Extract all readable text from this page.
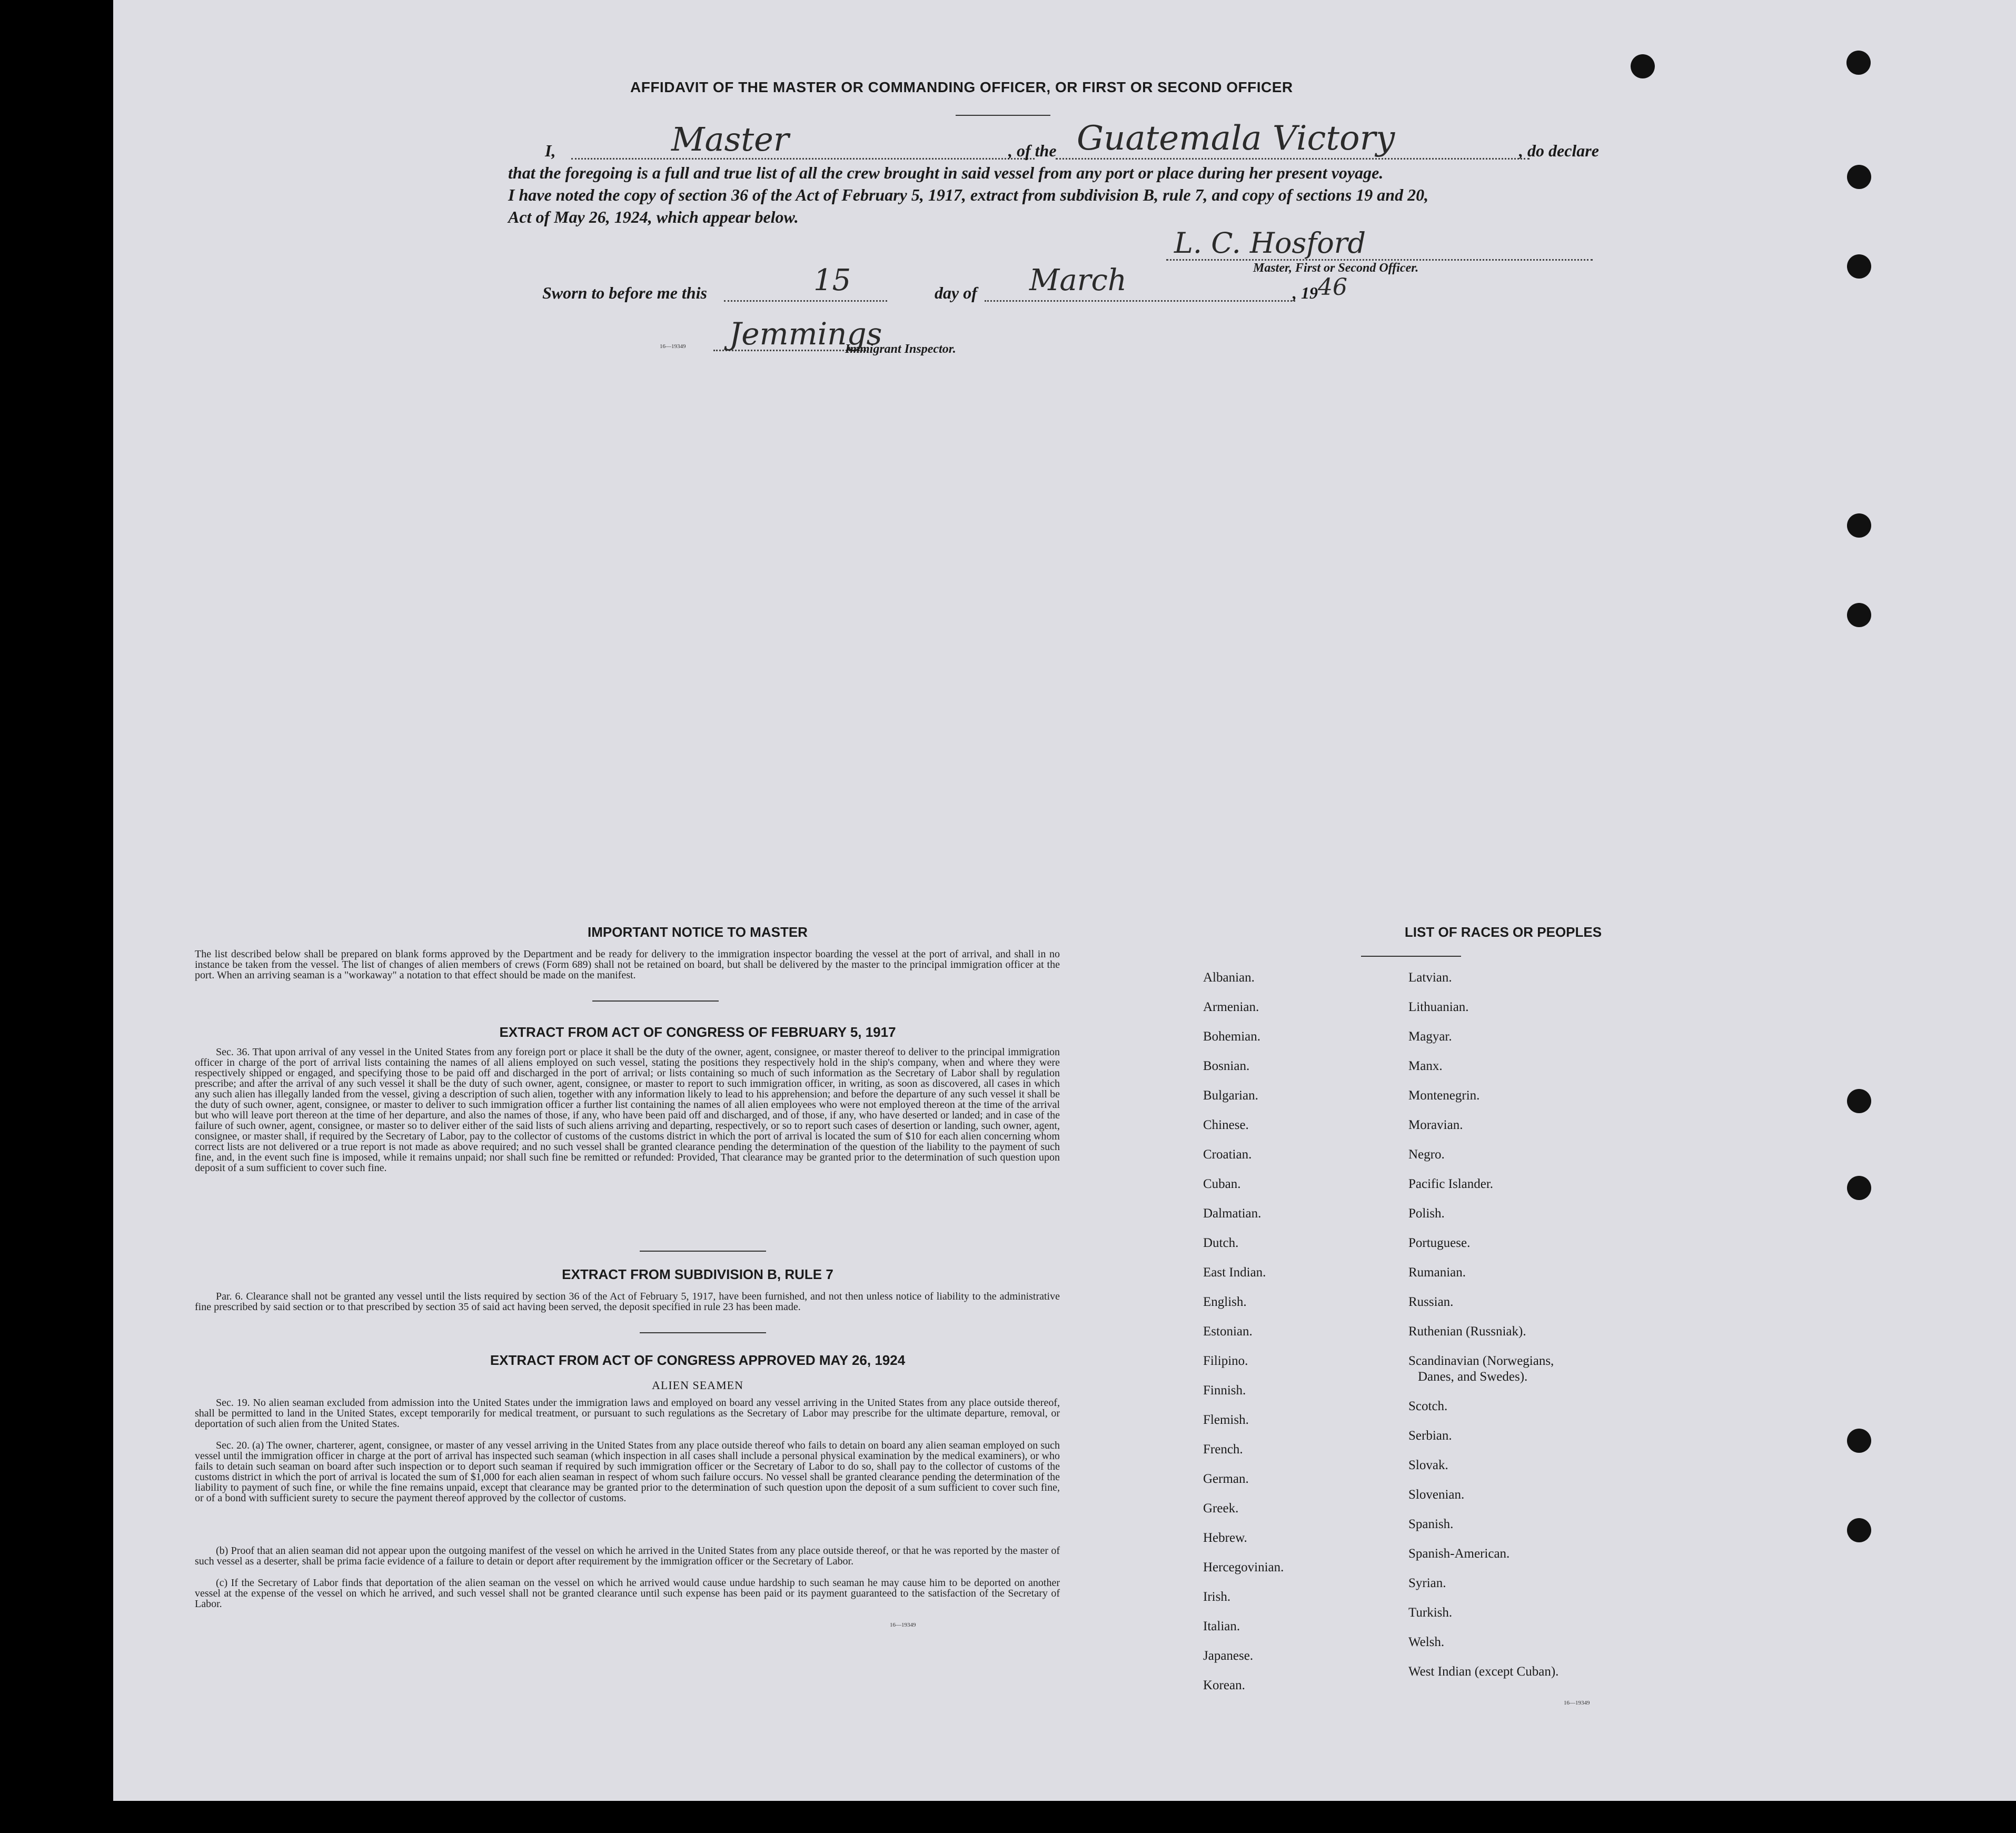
AFFIDAVIT OF THE MASTER OR COMMANDING OFFICER, OR FIRST OR SECOND OFFICER
I,	Master	, of the Guatemala Victory	, do declare
that the foregoing is a full and true list of all the crew brought in said vessel from any port or place during her present voyage.
I have noted the copy of section 36 of the Act of February 5, 1917, extract from subdivision B, rule 7, and copy of sections 19 and 20,
Act of May 26, 1924, which appear below.
L. C. Hosford
Master, First or Second Officer.
Sworn to before me this	15	day of March	, 19 46
16—19349 Jemmings
Immigrant Inspector.
IMPORTANT NOTICE TO MASTER
The list described below shall be prepared on blank forms approved by the Department and be ready for delivery to the immigration inspector boarding the vessel at the port of arrival, and shall in no instance be taken from the vessel. The list of changes of alien members of crews (Form 689) shall not be retained on board, but shall be delivered by the master to the principal immigration officer at the port. When an arriving seaman is a "workaway" a notation to that effect should be made on the manifest.
EXTRACT FROM ACT OF CONGRESS OF FEBRUARY 5, 1917
Sec. 36. That upon arrival of any vessel in the United States from any foreign port or place it shall be the duty of the owner, agent, consignee, or master thereof to deliver to the principal immigration officer in charge of the port of arrival lists containing the names of all aliens employed on such vessel, stating the positions they respectively hold in the ship's company, when and where they were respectively shipped or engaged, and specifying those to be paid off and discharged in the port of arrival; or lists containing so much of such information as the Secretary of Labor shall by regulation prescribe; and after the arrival of any such vessel it shall be the duty of such owner, agent, consignee, or master to report to such immigration officer, in writing, as soon as discovered, all cases in which any such alien has illegally landed from the vessel, giving a description of such alien, together with any information likely to lead to his apprehension; and before the departure of any such vessel it shall be the duty of such owner, agent, consignee, or master to deliver to such immigration officer a further list containing the names of all alien employees who were not employed thereon at the time of the arrival but who will leave port thereon at the time of her departure, and also the names of those, if any, who have been paid off and discharged, and of those, if any, who have deserted or landed; and in case of the failure of such owner, agent, consignee, or master so to deliver either of the said lists of such aliens arriving and departing, respectively, or so to report such cases of desertion or landing, such owner, agent, consignee, or master shall, if required by the Secretary of Labor, pay to the collector of customs of the customs district in which the port of arrival is located the sum of $10 for each alien concerning whom correct lists are not delivered or a true report is not made as above required; and no such vessel shall be granted clearance pending the determination of the question of the liability to the payment of such fine, and, in the event such fine is imposed, while it remains unpaid; nor shall such fine be remitted or refunded: Provided, That clearance may be granted prior to the determination of such question upon deposit of a sum sufficient to cover such fine.
EXTRACT FROM SUBDIVISION B, RULE 7
Par. 6. Clearance shall not be granted any vessel until the lists required by section 36 of the Act of February 5, 1917, have been furnished, and not then unless notice of liability to the administrative fine prescribed by said section or to that prescribed by section 35 of said act having been served, the deposit specified in rule 23 has been made.
EXTRACT FROM ACT OF CONGRESS APPROVED MAY 26, 1924
ALIEN SEAMEN
Sec. 19. No alien seaman excluded from admission into the United States under the immigration laws and employed on board any vessel arriving in the United States from any place outside thereof, shall be permitted to land in the United States, except temporarily for medical treatment, or pursuant to such regulations as the Secretary of Labor may prescribe for the ultimate departure, removal, or deportation of such alien from the United States.
Sec. 20. (a) The owner, charterer, agent, consignee, or master of any vessel arriving in the United States from any place outside thereof who fails to detain on board any alien seaman employed on such vessel until the immigration officer in charge at the port of arrival has inspected such seaman (which inspection in all cases shall include a personal physical examination by the medical examiners), or who fails to detain such seaman on board after such inspection or to deport such seaman if required by such immigration officer or the Secretary of Labor to do so, shall pay to the collector of customs of the customs district in which the port of arrival is located the sum of $1,000 for each alien seaman in respect of whom such failure occurs. No vessel shall be granted clearance pending the determination of the liability to payment of such fine, or while the fine remains unpaid, except that clearance may be granted prior to the determination of such question upon the deposit of a sum sufficient to cover such fine, or of a bond with sufficient surety to secure the payment thereof approved by the collector of customs.
(b) Proof that an alien seaman did not appear upon the outgoing manifest of the vessel on which he arrived in the United States from any place outside thereof, or that he was reported by the master of such vessel as a deserter, shall be prima facie evidence of a failure to detain or deport after requirement by the immigration officer or the Secretary of Labor.
(c) If the Secretary of Labor finds that deportation of the alien seaman on the vessel on which he arrived would cause undue hardship to such seaman he may cause him to be deported on another vessel at the expense of the vessel on which he arrived, and such vessel shall not be granted clearance until such expense has been paid or its payment guaranteed to the satisfaction of the Secretary of Labor.
16—19349
LIST OF RACES OR PEOPLES
16—19349
Albanian.
Armenian.
Bohemian.
Bosnian.
Bulgarian.
Chinese.
Croatian.
Cuban.
Dalmatian.
Dutch.
East Indian.
English.
Estonian.
Filipino.
Finnish.
Flemish.
French.
German.
Greek.
Hebrew.
Hercegovinian.
Irish.
Italian.
Japanese.
Korean.
Latvian.
Lithuanian.
Magyar.
Manx.
Montenegrin.
Moravian.
Negro.
Pacific Islander.
Polish.
Portuguese.
Rumanian.
Russian.
Ruthenian (Russniak).
Scandinavian (Norwegians,
Danes, and Swedes).
Scotch.
Serbian.
Slovak.
Slovenian.
Spanish.
Spanish-American.
Syrian.
Turkish.
Welsh.
West Indian (except Cuban).
